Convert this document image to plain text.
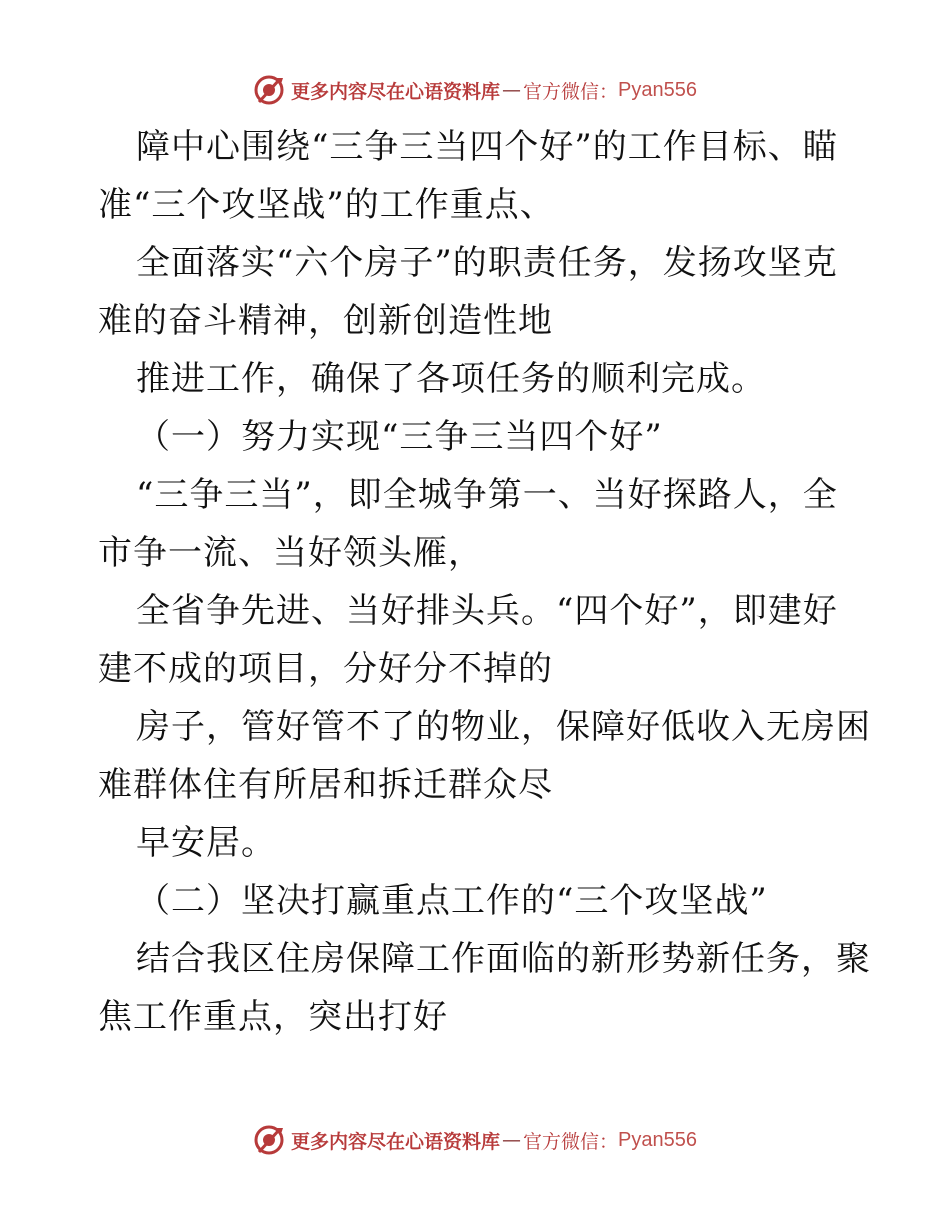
更多内容尽在心语资料库 — 官方微信： Pyan556
障中心围绕“三争三当四个好”的工作目标、瞄
准“三个攻坚战”的工作重点、
全面落实“六个房子”的职责任务，发扬攻坚克
难的奋斗精神，创新创造性地
推进工作，确保了各项任务的顺利完成。
（一）努力实现“三争三当四个好”
“三争三当”，即全城争第一、当好探路人，全
市争一流、当好领头雁，
全省争先进、当好排头兵。“四个好”，即建好
建不成的项目，分好分不掉的
房子，管好管不了的物业，保障好低收入无房困
难群体住有所居和拆迁群众尽
早安居。
（二）坚决打赢重点工作的“三个攻坚战”
结合我区住房保障工作面临的新形势新任务，聚
焦工作重点，突出打好
更多内容尽在心语资料库 — 官方微信： Pyan556
